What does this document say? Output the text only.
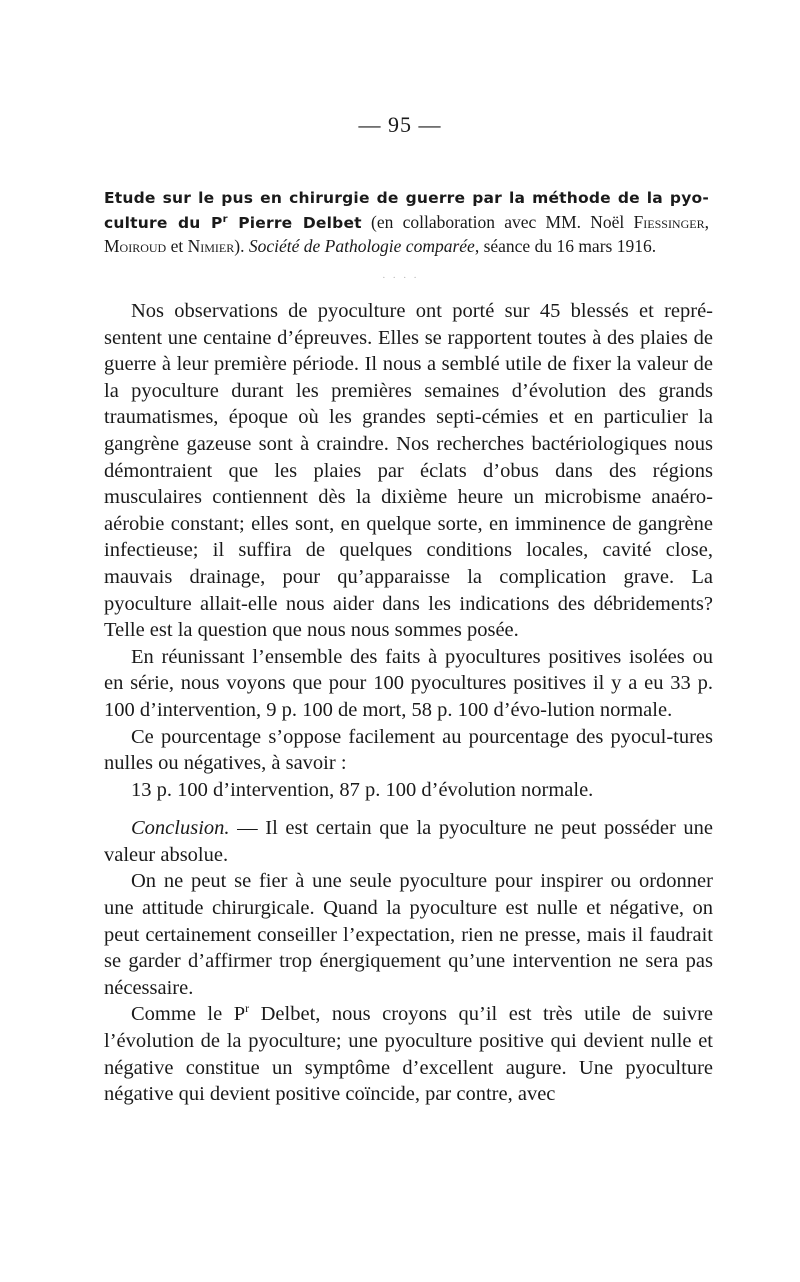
— 95 —
Etude sur le pus en chirurgie de guerre par la méthode de la pyo-culture du $P^r$ Pierre Delbet (en collaboration avec MM. Noël Fiessinger, Moiroud et Nimier). Société de Pathologie comparée, séance du 16 mars 1916.
· · · ·

Nos observations de pyoculture ont porté sur 45 blessés et repré-sentent une centaine d’épreuves. Elles se rapportent toutes à des plaies de guerre à leur première période. Il nous a semblé utile de fixer la valeur de la pyoculture durant les premières semaines d’évolution des grands traumatismes, époque où les grandes septi-cémies et en particulier la gangrène gazeuse sont à craindre. Nos recherches bactériologiques nous démontraient que les plaies par éclats d’obus dans des régions musculaires contiennent dès la dixième heure un microbisme anaéro-aérobie constant; elles sont, en quelque sorte, en imminence de gangrène infectieuse; il suffira de quelques conditions locales, cavité close, mauvais drainage, pour qu’apparaisse la complication grave. La pyoculture allait-elle nous aider dans les indications des débridements? Telle est la question que nous nous sommes posée.

En réunissant l’ensemble des faits à pyocultures positives isolées ou en série, nous voyons que pour 100 pyocultures positives il y a eu 33 p. 100 d’intervention, 9 p. 100 de mort, 58 p. 100 d’évo-lution normale.

Ce pourcentage s’oppose facilement au pourcentage des pyocul-tures nulles ou négatives, à savoir :

13 p. 100 d’intervention, 87 p. 100 d’évolution normale.

Conclusion. — Il est certain que la pyoculture ne peut posséder une valeur absolue.

On ne peut se fier à une seule pyoculture pour inspirer ou ordonner une attitude chirurgicale. Quand la pyoculture est nulle et négative, on peut certainement conseiller l’expectation, rien ne presse, mais il faudrait se garder d’affirmer trop énergiquement qu’une intervention ne sera pas nécessaire.

Comme le $P^r$ Delbet, nous croyons qu’il est très utile de suivre l’évolution de la pyoculture; une pyoculture positive qui devient nulle et négative constitue un symptôme d’excellent augure. Une pyoculture négative qui devient positive coïncide, par contre, avec
